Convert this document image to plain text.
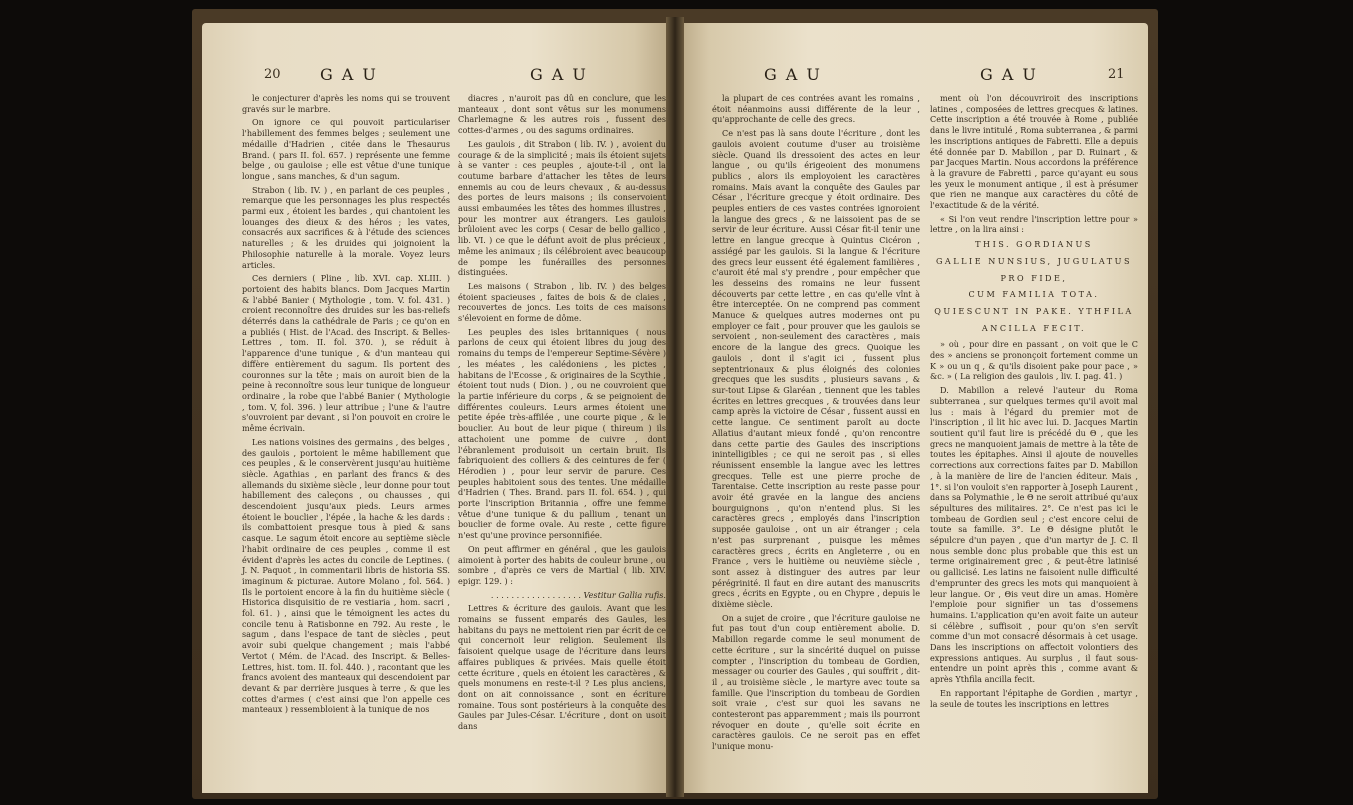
20 GAU	GAU

le conjecturer d'après les noms qui se trouvent gravés sur le marbre.

On ignore ce qui pouvoit particulariser l'habillement des femmes belges ; seulement une médaille d'Hadrien , citée dans le Thesaurus Brand. ( pars II. fol. 657. ) représente une femme belge , ou gauloise ; elle est vêtue d'une tunique longue , sans manches, & d'un sagum.

Strabon ( lib. IV. ) , en parlant de ces peuples , remarque que les personnages les plus respectés parmi eux , étoient les bardes , qui chantoient les louanges des dieux & des héros ; les vates, consacrés aux sacrifices & à l'étude des sciences naturelles ; & les druides qui joignoient la Philosophie naturelle à la morale. Voyez leurs articles.

Ces derniers ( Pline , lib. XVI. cap. XLIII. ) portoient des habits blancs. Dom Jacques Martin & l'abbé Banier ( Mythologie , tom. V. fol. 431. ) croient reconnoître des druides sur les bas-reliefs déterrés dans la cathédrale de Paris ; ce qu'on en a publiés ( Hist. de l'Acad. des Inscript. & Belles-Lettres , tom. II. fol. 370. ), se réduit à l'apparence d'une tunique , & d'un manteau qui diffère entièrement du sagum. Ils portent des couronnes sur la tête ; mais on auroit bien de la peine à reconnoître sous leur tunique de longueur ordinaire , la robe que l'abbé Banier ( Mythologie , tom. V, fol. 396. ) leur attribue ; l'une & l'autre s'ouvroient par devant , si l'on pouvoit en croire le même écrivain.

Les nations voisines des germains , des belges , des gaulois , portoient le même habillement que ces peuples , & le conservèrent jusqu'au huitième siècle. Agathias , en parlant des francs & des allemands du sixième siècle , leur donne pour tout habillement des caleçons , ou chausses , qui descendoient jusqu'aux pieds. Leurs armes étoient le bouclier , l'épée , la hache & les dards : ils combattoient presque tous à pied & sans casque. Le sagum étoit encore au septième siècle l'habit ordinaire de ces peuples , comme il est évident d'après les actes du concile de Leptines. ( J. N. Paquot , in commentarii libris de historia SS. imaginum & picturae. Autore Molano , fol. 564. ) Ils le portoient encore à la fin du huitième siècle ( Historica disquisitio de re vestiaria , hom. sacri , fol. 61. ) , ainsi que le témoignent les actes du concile tenu à Ratisbonne en 792. Au reste , le sagum , dans l'espace de tant de siècles , peut avoir subi quelque changement ; mais l'abbé Vertot ( Mém. de l'Acad. des Inscript. & Belles-Lettres, hist. tom. II. fol. 440. ) , racontant que les francs avoient des manteaux qui descendoient par devant & par derrière jusques à terre , & que les cottes d'armes ( c'est ainsi que l'on appelle ces manteaux ) ressembloient à la tunique de nos

diacres , n'auroit pas dû en conclure, que les manteaux , dont sont vêtus sur les monumens Charlemagne & les autres rois , fussent des cottes-d'armes , ou des sagums ordinaires.

Les gaulois , dit Strabon ( lib. IV. ) , avoient du courage & de la simplicité ; mais ils étoient sujets à se vanter : ces peuples , ajoute-t-il , ont la coutume barbare d'attacher les têtes de leurs ennemis au cou de leurs chevaux , & au-dessus des portes de leurs maisons ; ils conservoient aussi embaumées les têtes des hommes illustres , pour les montrer aux étrangers. Les gaulois brûloient avec les corps ( Cesar de bello gallico , lib. VI. ) ce que le défunt avoit de plus précieux , même les animaux ; ils célébroient avec beaucoup de pompe les funérailles des personnes distinguées.

Les maisons ( Strabon , lib. IV. ) des belges étoient spacieuses , faites de bois & de claies , recouvertes de joncs. Les toits de ces maisons s'élevoient en forme de dôme.

Les peuples des isles britanniques ( nous parlons de ceux qui étoient libres du joug des romains du temps de l'empereur Septime-Sévère ) , les méates , les calédoniens , les pictes , habitans de l'Ecosse , & originaires de la Scythie , étoient tout nuds ( Dion. ) , ou ne couvroient que la partie inférieure du corps , & se peignoient de différentes couleurs. Leurs armes étoient une petite épée très-affilée , une courte pique , & le bouclier. Au bout de leur pique ( thireum ) ils attachoient une pomme de cuivre , dont l'ébranlement produisoit un certain bruit. Ils fabriquoient des colliers & des ceintures de fer ( Hérodien ) , pour leur servir de parure. Ces peuples habitoient sous des tentes. Une médaille d'Hadrien ( Thes. Brand. pars II. fol. 654. ) , qui porte l'inscription Britannia , offre une femme vêtue d'une tunique & du pallium , tenant un bouclier de forme ovale. Au reste , cette figure n'est qu'une province personnifiée.

On peut affirmer en général , que les gaulois aimoient à porter des habits de couleur brune , ou sombre , d'après ce vers de Martial ( lib. XIV. epigr. 129. ) :

. . . . . . . . . . . . . . . . . . Vestitur Gallia rufis.

Lettres & écriture des gaulois. Avant que les romains se fussent emparés des Gaules, les habitans du pays ne mettoient rien par écrit de ce qui concernoit leur religion. Seulement ils faisoient quelque usage de l'écriture dans leurs affaires publiques & privées. Mais quelle étoit cette écriture , quels en étoient les caractères , & quels monumens en reste-t-il ? Les plus anciens, dont on ait connoissance , sont en écriture romaine. Tous sont postérieurs à la conquête des Gaules par Jules-César. L'écriture , dont on usoit dans

GAU	GAU	21

la plupart de ces contrées avant les romains , étoit néanmoins aussi différente de la leur , qu'approchante de celle des grecs.

Ce n'est pas là sans doute l'écriture , dont les gaulois avoient coutume d'user au troisième siècle. Quand ils dressoient des actes en leur langue , ou qu'ils érigeoient des monumens publics , alors ils employoient les caractères romains. Mais avant la conquête des Gaules par César , l'écriture grecque y étoit ordinaire. Des peuples entiers de ces vastes contrées ignoroient la langue des grecs , & ne laissoient pas de se servir de leur écriture. Aussi César fit-il tenir une lettre en langue grecque à Quintus Cicéron , assiégé par les gaulois. Si la langue & l'écriture des grecs leur eussent été également familières , c'auroit été mal s'y prendre , pour empêcher que les desseins des romains ne leur fussent découverts par cette lettre , en cas qu'elle vînt à être interceptée. On ne comprend pas comment Manuce & quelques autres modernes ont pu employer ce fait , pour prouver que les gaulois se servoient , non-seulement des caractères , mais encore de la langue des grecs. Quoique les gaulois , dont il s'agit ici , fussent plus septentrionaux & plus éloignés des colonies grecques que les susdits , plusieurs savans , & sur-tout Lipse & Glaréan , tiennent que les tables écrites en lettres grecques , & trouvées dans leur camp après la victoire de César , fussent aussi en cette langue. Ce sentiment paroît au docte Allatius d'autant mieux fondé , qu'on rencontre dans cette partie des Gaules des inscriptions inintelligibles ; ce qui ne seroit pas , si elles réunissent ensemble la langue avec les lettres grecques. Telle est une pierre proche de Tarentaise. Cette inscription au reste passe pour avoir été gravée en la langue des anciens bourguignons , qu'on n'entend plus. Si les caractères grecs , employés dans l'inscription supposée gauloise , ont un air étranger ; cela n'est pas surprenant , puisque les mêmes caractères grecs , écrits en Angleterre , ou en France , vers le huitième ou neuvième siècle , sont assez à distinguer des autres par leur pérégrinité. Il faut en dire autant des manuscrits grecs , écrits en Egypte , ou en Chypre , depuis le dixième siècle.

On a sujet de croire , que l'écriture gauloise ne fut pas tout d'un coup entièrement abolie. D. Mabillon regarde comme le seul monument de cette écriture , sur la sincérité duquel on puisse compter , l'inscription du tombeau de Gordien, messager ou courier des Gaules , qui souffrit , dit-il , au troisième siècle , le martyre avec toute sa famille. Que l'inscription du tombeau de Gordien soit vraie , c'est sur quoi les savans ne contesteront pas apparemment ; mais ils pourront révoquer en doute , qu'elle soit écrite en caractères gaulois. Ce ne seroit pas en effet l'unique monu-

ment où l'on découvriroit des inscriptions latines , composées de lettres grecques & latines. Cette inscription a été trouvée à Rome , publiée dans le livre intitulé , Roma subterranea , & parmi les inscriptions antiques de Fabretti. Elle a depuis été donnée par D. Mabillon , par D. Ruinart , & par Jacques Martin. Nous accordons la préférence à la gravure de Fabretti , parce qu'ayant eu sous les yeux le monument antique , il est à présumer que rien ne manque aux caractères du côté de l'exactitude & de la vérité.

« Si l'on veut rendre l'inscription lettre pour » lettre , on la lira ainsi :

THIS. GORDIANUS

GALLIE NUNSIUS, JUGULATUS

PRO FIDE,

CUM FAMILIA TOTA.

QUIESCUNT IN PAKE. YTHFILA

ANCILLA FECIT.

» où , pour dire en passant , on voit que le C des » anciens se prononçoit fortement comme un K » ou un q , & qu'ils disoient pake pour pace , » &c. » ( La religion des gaulois , liv. I. pag. 41. )

D. Mabillon a relevé l'auteur du Roma subterranea , sur quelques termes qu'il avoit mal lus : mais à l'égard du premier mot de l'inscription , il lit hic avec lui. D. Jacques Martin soutient qu'il faut lire is précédé du Θ , que les grecs ne manquoient jamais de mettre à la tête de toutes les épitaphes. Ainsi il ajoute de nouvelles corrections aux corrections faites par D. Mabillon , à la manière de lire de l'ancien éditeur. Mais , 1°. si l'on vouloit s'en rapporter à Joseph Laurent , dans sa Polymathie , le Θ ne seroit attribué qu'aux sépultures des militaires. 2°. Ce n'est pas ici le tombeau de Gordien seul ; c'est encore celui de toute sa famille. 3°. Le Θ désigne plutôt le sépulcre d'un payen , que d'un martyr de J. C. Il nous semble donc plus probable que this est un terme originairement grec , & peut-être latinisé ou gallicisé. Les latins ne faisoient nulle difficulté d'emprunter des grecs les mots qui manquoient à leur langue. Or , Θis veut dire un amas. Homère l'emploie pour signifier un tas d'ossemens humains. L'application qu'en avoit faite un auteur si célèbre , suffisoit , pour qu'on s'en servît comme d'un mot consacré désormais à cet usage. Dans les inscriptions on affectoit volontiers des expressions antiques. Au surplus , il faut sous-entendre un point après this , comme avant & après Ythfila ancilla fecit.

En rapportant l'épitaphe de Gordien , martyr , la seule de toutes les inscriptions en lettres
